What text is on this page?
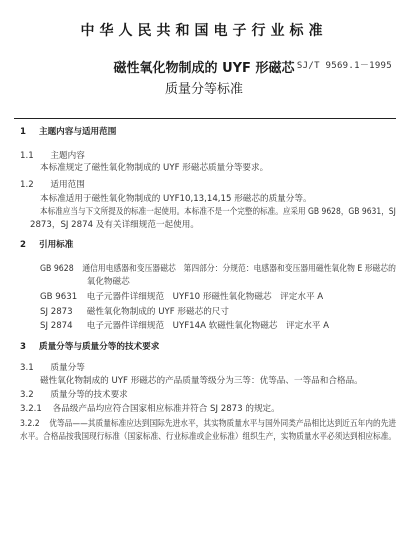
中华人民共和国电子行业标准
磁性氧化物制成的 UYF 形磁芯 SJ/T 9569.1－1995
质量分等标准
1 主题内容与适用范围
1.1 主题内容
本标准规定了磁性氧化物制成的 UYF 形磁芯质量分等要求。
1.2 适用范围
本标准适用于磁性氧化物制成的 UYF10,13,14,15 形磁芯的质量分等。
本标准应当与下文所提及的标准一起使用。本标准不是一个完整的标准。应采用 GB 9628，GB 9631，SJ
2873，SJ 2874 及有关详细规范一起使用。
2 引用标准
GB 9628 通信用电感器和变压器磁芯　第四部分：分规范：电感器和变压器用磁性氧化物 E 形磁芯的
氧化物磁芯
GB 9631 电子元器件详细规范　UYF10 形磁性氧化物磁芯　评定水平 A
SJ 2873 磁性氧化物制成的 UYF 形磁芯的尺寸
SJ 2874 电子元器件详细规范　UYF14A 软磁性氧化物磁芯　评定水平 A
3 质量分等与质量分等的技术要求
3.1 质量分等
磁性氧化物制成的 UYF 形磁芯的产品质量等级分为三等：优等品、一等品和合格品。
3.2 质量分等的技术要求
3.2.1 各品级产品均应符合国家相应标准并符合 SJ 2873 的规定。
3.2.2 优等品——其质量标准应达到国际先进水平，其实物质量水平与国外同类产品相比达到近五年内的先进
水平。合格品按我国现行标准（国家标准、行业标准或企业标准）组织生产，实物质量水平必须达到相应标准。
